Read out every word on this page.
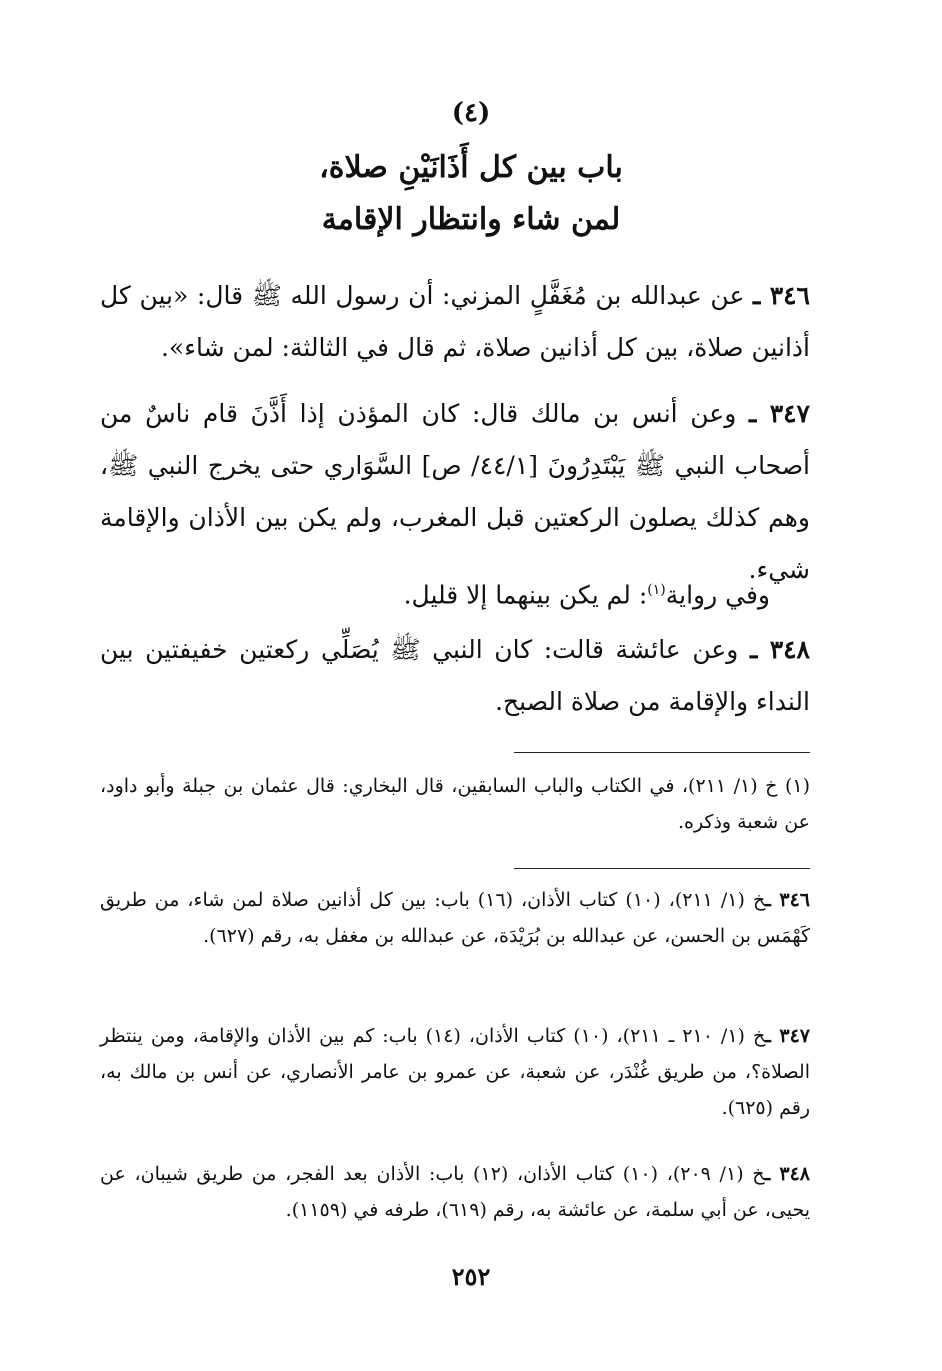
(٤)
باب بين كل أَذَانَيْنِ صلاة،
لمن شاء وانتظار الإقامة
٣٤٦ ـ عن عبدالله بن مُغَفَّلٍ المزني: أن رسول الله ﷺ قال: «بين كل أذانين صلاة، بين كل أذانين صلاة، ثم قال في الثالثة: لمن شاء».
٣٤٧ ـ وعن أنس بن مالك قال: كان المؤذن إذا أَذَّنَ قام ناسٌ من أصحاب النبي ﷺ يَبْتَدِرُونَ [٤٤/١/ ص] السَّوَاري حتى يخرج النبي ﷺ، وهم كذلك يصلون الركعتين قبل المغرب، ولم يكن بين الأذان والإقامة شيء.
وفي رواية$^{(١)}$: لم يكن بينهما إلا قليل.
٣٤٨ ـ وعن عائشة قالت: كان النبي ﷺ يُصَلِّي ركعتين خفيفتين بين النداء والإقامة من صلاة الصبح.
(١) خ (١/ ٢١١)، في الكتاب والباب السابقين، قال البخاري: قال عثمان بن جبلة وأبو داود، عن شعبة وذكره.
٣٤٦ ـخ (١/ ٢١١)، (١٠) كتاب الأذان، (١٦) باب: بين كل أذانين صلاة لمن شاء، من طريق كَهْمَس بن الحسن، عن عبدالله بن بُرَيْدَة، عن عبدالله بن مغفل به، رقم (٦٢٧).
٣٤٧ ـخ (١/ ٢١٠ ـ ٢١١)، (١٠) كتاب الأذان، (١٤) باب: كم بين الأذان والإقامة، ومن ينتظر الصلاة؟، من طريق غُنْدَر، عن شعبة، عن عمرو بن عامر الأنصاري، عن أنس بن مالك به، رقم (٦٢٥).
٣٤٨ ـخ (١/ ٢٠٩)، (١٠) كتاب الأذان، (١٢) باب: الأذان بعد الفجر، من طريق شيبان، عن يحيى، عن أبي سلمة، عن عائشة به، رقم (٦١٩)، طرفه في (١١٥٩).
٢٥٢
